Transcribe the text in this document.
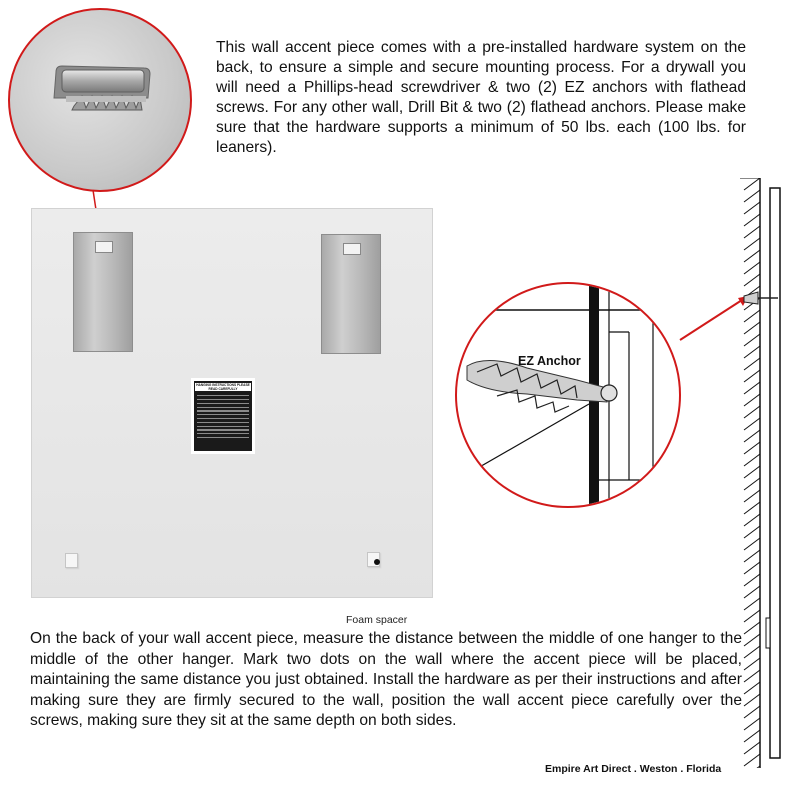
This wall accent piece comes with a pre-installed hardware system on the back, to ensure a simple and secure mounting process. For a drywall you will need a Phillips-head screwdriver & two (2) EZ anchors with flathead screws. For any other wall, Drill Bit & two (2) flathead anchors. Please make sure that the hardware supports a minimum of 50 lbs. each (100 lbs. for leaners).
HANGING INSTRUCTIONS PLEASE READ CAREFULLY
Foam spacer
EZ Anchor
On the back of your wall accent piece, measure the distance between the middle of one hanger to the middle of the other hanger. Mark two dots on the wall where the accent piece will be placed, maintaining the same distance you just obtained. Install the hardware as per their instructions and after making sure they are firmly secured to the wall, position the wall accent piece carefully over the screws, making sure they sit at the same depth on both sides.
Empire Art Direct . Weston . Florida
